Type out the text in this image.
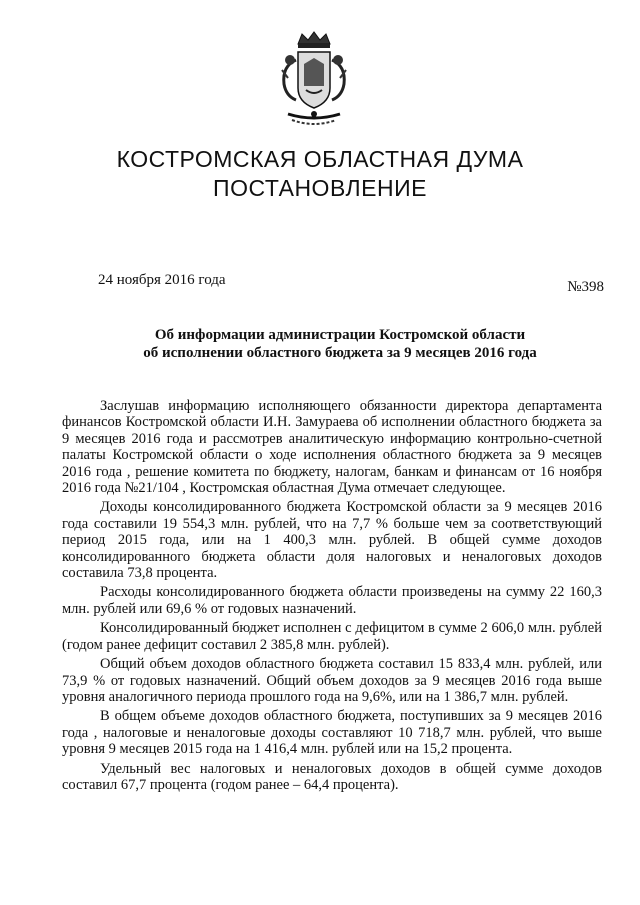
КОСТРОМСКАЯ ОБЛАСТНАЯ ДУМА
ПОСТАНОВЛЕНИЕ
24 ноября 2016 года	№398
Об информации администрации Костромской области
об исполнении областного бюджета за 9 месяцев 2016 года

Заслушав информацию исполняющего обязанности директора департамента финансов Костромской области И.Н. Замураева об исполнении областного бюджета за 9 месяцев 2016 года и рассмотрев аналитическую информацию контрольно-счетной палаты Костромской области о ходе исполнения областного бюджета за 9 месяцев 2016 года , решение комитета по бюджету, налогам, банкам и финансам от 16 ноября 2016 года №21/104 , Костромская областная Дума отмечает следующее.

Доходы консолидированного бюджета Костромской области за 9 месяцев 2016 года составили 19 554,3 млн. рублей, что на 7,7 % больше чем за соответствующий период 2015 года, или на 1 400,3 млн. рублей. В общей сумме доходов консолидированного бюджета области доля налоговых и неналоговых доходов составила 73,8 процента.

Расходы консолидированного бюджета области произведены на сумму 22 160,3 млн. рублей или 69,6 % от годовых назначений.

Консолидированный бюджет исполнен с дефицитом в сумме 2 606,0 млн. рублей (годом ранее дефицит составил 2 385,8 млн. рублей).

Общий объем доходов областного бюджета составил 15 833,4 млн. рублей, или 73,9 % от годовых назначений. Общий объем доходов за 9 месяцев 2016 года выше уровня аналогичного периода прошлого года на 9,6%, или на 1 386,7 млн. рублей.

В общем объеме доходов областного бюджета, поступивших за 9 месяцев 2016 года , налоговые и неналоговые доходы составляют 10 718,7 млн. рублей, что выше уровня 9 месяцев 2015 года на 1 416,4 млн. рублей или на 15,2 процента.

Удельный вес налоговых и неналоговых доходов в общей сумме доходов составил 67,7 процента (годом ранее – 64,4 процента).
